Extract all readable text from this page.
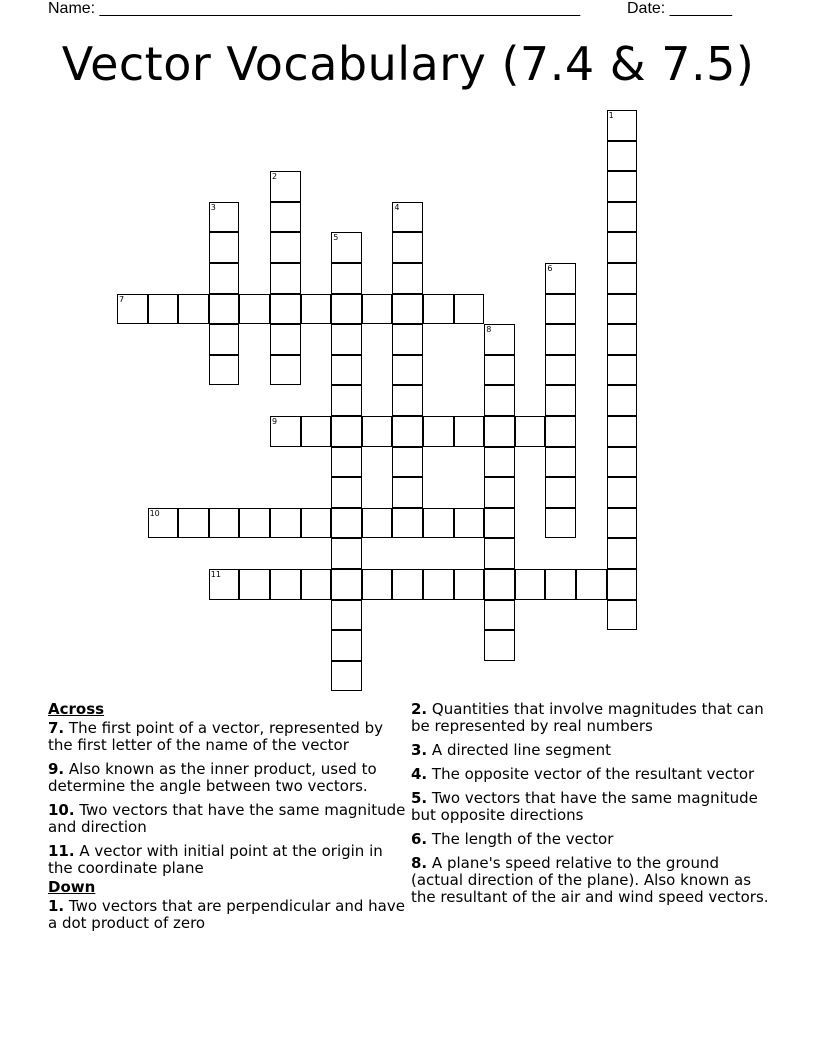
Name: ______________________________________________________	Date: _______
Vector Vocabulary (7.4 & 7.5)
1
2
3	4
5
6
7
8
9
10
11
Across
7. The first point of a vector, represented by the first letter of the name of the vector
9. Also known as the inner product, used to determine the angle between two vectors.
10. Two vectors that have the same magnitude and direction
11. A vector with initial point at the origin in the coordinate plane
Down
1. Two vectors that are perpendicular and have a dot product of zero
2. Quantities that involve magnitudes that can be represented by real numbers
3. A directed line segment
4. The opposite vector of the resultant vector
5. Two vectors that have the same magnitude but opposite directions
6. The length of the vector
8. A plane's speed relative to the ground (actual direction of the plane). Also known as the resultant of the air and wind speed vectors.
